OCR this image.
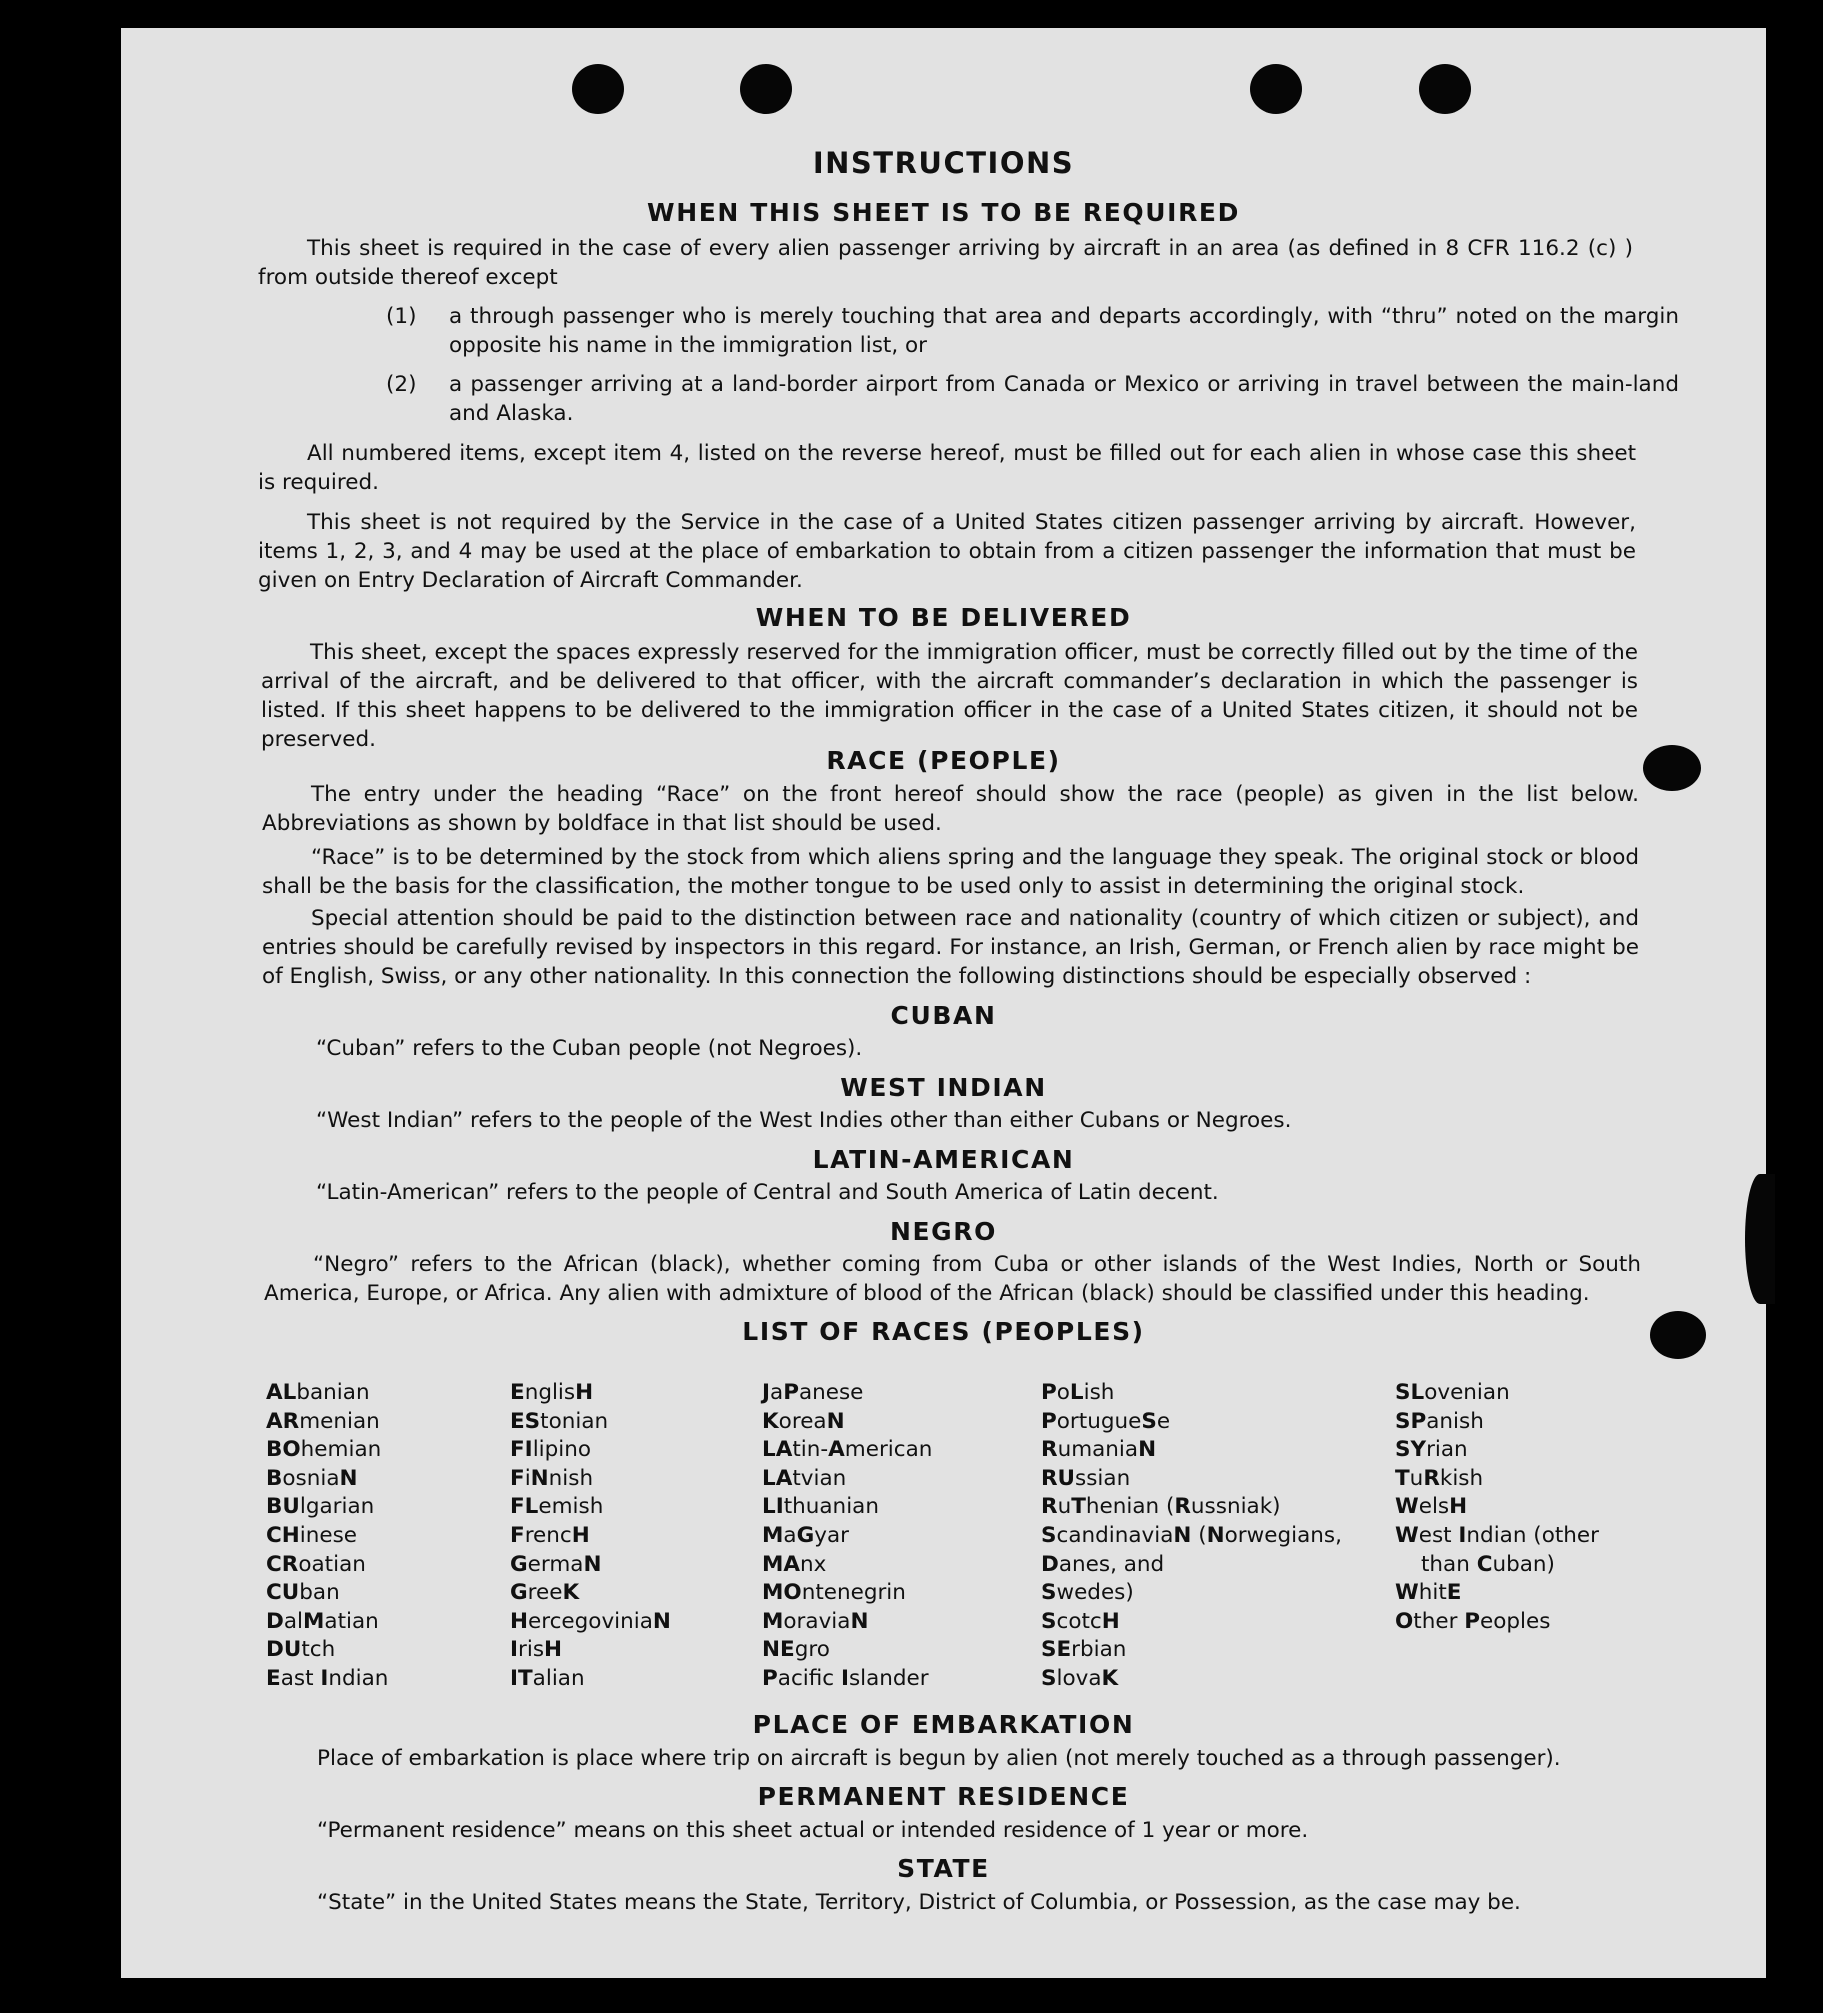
INSTRUCTIONS
WHEN THIS SHEET IS TO BE REQUIRED

This sheet is required in the case of every alien passenger arriving by aircraft in an area (as defined in 8 CFR 116.2 (c) ) from outside thereof except

(1) a through passenger who is merely touching that area and departs accordingly, with “thru” noted on the margin opposite his name in the immigration list, or
(2) a passenger arriving at a land-border airport from Canada or Mexico or arriving in travel between the main-land and Alaska.

All numbered items, except item 4, listed on the reverse hereof, must be filled out for each alien in whose case this sheet is required.

This sheet is not required by the Service in the case of a United States citizen passenger arriving by aircraft. However, items 1, 2, 3, and 4 may be used at the place of embarkation to obtain from a citizen passenger the information that must be given on Entry Declaration of Aircraft Commander.

WHEN TO BE DELIVERED

This sheet, except the spaces expressly reserved for the immigration officer, must be correctly filled out by the time of the arrival of the aircraft, and be delivered to that officer, with the aircraft commander’s declaration in which the passenger is listed. If this sheet happens to be delivered to the immigration officer in the case of a United States citizen, it should not be preserved.

RACE (PEOPLE)

The entry under the heading “Race” on the front hereof should show the race (people) as given in the list below. Abbreviations as shown by boldface in that list should be used.

“Race” is to be determined by the stock from which aliens spring and the language they speak. The original stock or blood shall be the basis for the classification, the mother tongue to be used only to assist in determining the original stock.

Special attention should be paid to the distinction between race and nationality (country of which citizen or subject), and entries should be carefully revised by inspectors in this regard. For instance, an Irish, German, or French alien by race might be of English, Swiss, or any other nationality. In this connection the following distinctions should be especially observed :

CUBAN

“Cuban” refers to the Cuban people (not Negroes).

WEST INDIAN

“West Indian” refers to the people of the West Indies other than either Cubans or Negroes.

LATIN-AMERICAN

“Latin-American” refers to the people of Central and South America of Latin decent.

NEGRO

“Negro” refers to the African (black), whether coming from Cuba or other islands of the West Indies, North or South America, Europe, or Africa. Any alien with admixture of blood of the African (black) should be classified under this heading.

LIST OF RACES (PEOPLES)
ALbanian
ARmenian
BOhemian
BosniaN
BUlgarian
CHinese
CRoatian
CUban
DalMatian
DUtch
East Indian
EnglisH
EStonian
FIlipino
FiNnish
FLemish
FrencH
GermaN
GreeK
HercegoviniaN
IrisH
ITalian
JaPanese
KoreaN
LAtin-American
LAtvian
LIthuanian
MaGyar
MAnx
MOntenegrin
MoraviaN
NEgro
Pacific Islander
PoLish
PortugueSe
RumaniaN
RUssian
RuThenian (Russniak)
ScandinaviaN (Norwegians,
Danes, and
Swedes)
ScotcH
SErbian
SlovaK
SLovenian
SPanish
SYrian
TuRkish
WelsH
West Indian (other
than Cuban)
WhitE
Other Peoples
PLACE OF EMBARKATION

Place of embarkation is place where trip on aircraft is begun by alien (not merely touched as a through passenger).

PERMANENT RESIDENCE

“Permanent residence” means on this sheet actual or intended residence of 1 year or more.

STATE

“State” in the United States means the State, Territory, District of Columbia, or Possession, as the case may be.
